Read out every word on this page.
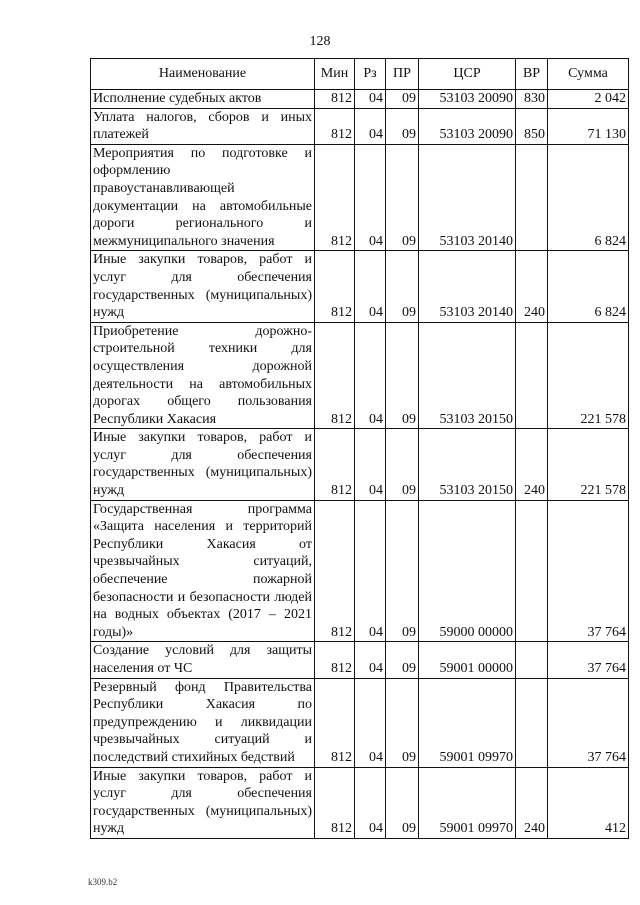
128
Наименование	Мин	Рз	ПР	ЦСР	ВР	Сумма
Исполнение судебных актов	812	04	09	53103 20090	830	2 042
Уплата налогов, сборов и иных платежей	812	04	09	53103 20090	850	71 130
Мероприятия по подготовке и оформлению правоустанавливающей документации на автомобильные дороги регионального и межмуниципального значения	812	04	09	53103 20140		6 824
Иные закупки товаров, работ и услуг для обеспечения государственных (муниципальных) нужд	812	04	09	53103 20140	240	6 824
Приобретение дорожно-строительной техники для осуществления дорожной деятельности на автомобильных дорогах общего пользования Республики Хакасия	812	04	09	53103 20150		221 578
Иные закупки товаров, работ и услуг для обеспечения государственных (муниципальных) нужд	812	04	09	53103 20150	240	221 578
Государственная программа «Защита населения и территорий Республики Хакасия от чрезвычайных ситуаций, обеспечение пожарной безопасности и безопасности людей на водных объектах (2017 – 2021 годы)»	812	04	09	59000 00000		37 764
Создание условий для защиты населения от ЧС	812	04	09	59001 00000		37 764
Резервный фонд Правительства Республики Хакасия по предупреждению и ликвидации чрезвычайных ситуаций и последствий стихийных бедствий	812	04	09	59001 09970		37 764
Иные закупки товаров, работ и услуг для обеспечения государственных (муниципальных) нужд	812	04	09	59001 09970	240	412
k309.b2
